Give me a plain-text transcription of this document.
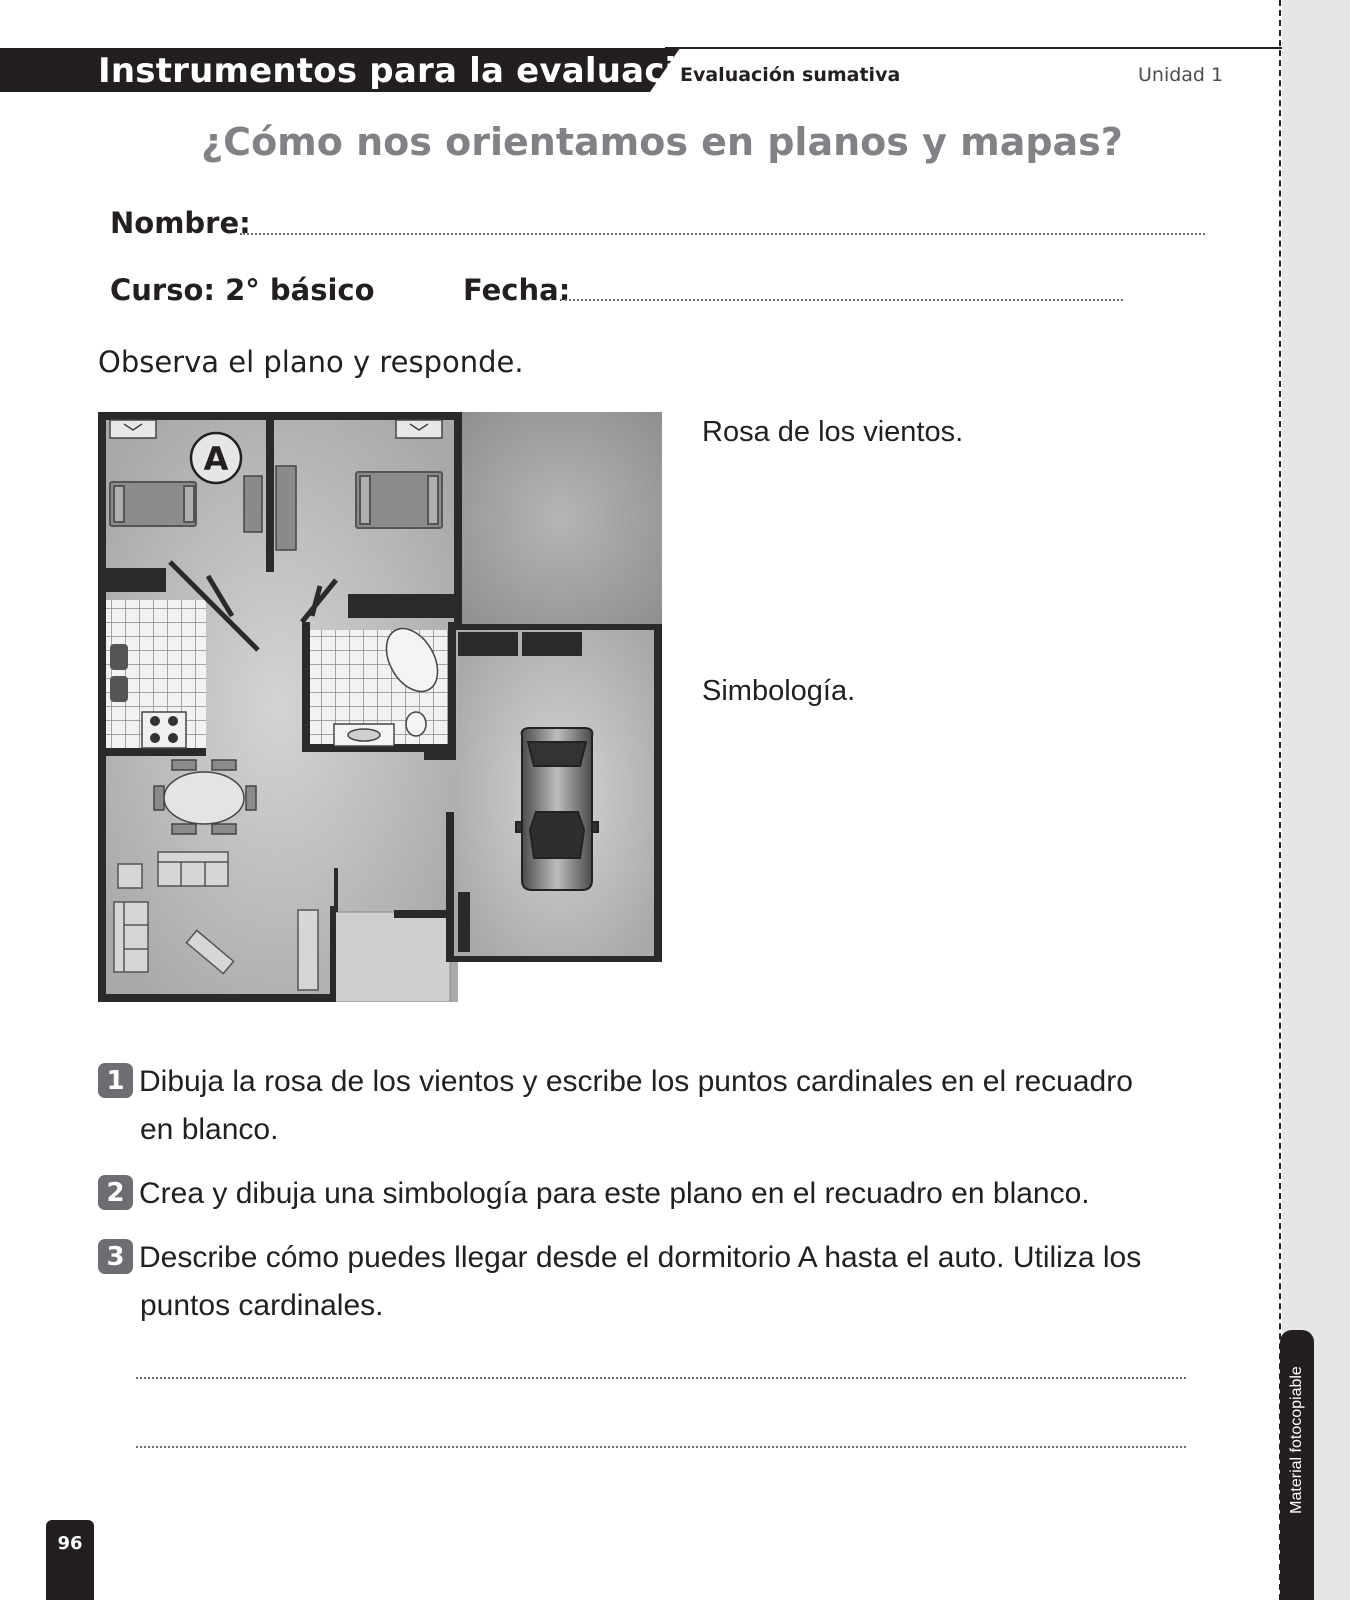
Instrumentos para la evaluación
Evaluación sumativa	Unidad 1
Material fotocopiable
96
¿Cómo nos orientamos en planos y mapas?
Nombre:
Curso: 2° básico	Fecha:
Observa el plano y responde.
A
Rosa de los vientos.
Simbología.
1 Dibuja la rosa de los vientos y escribe los puntos cardinales en el recuadro
en blanco.
2 Crea y dibuja una simbología para este plano en el recuadro en blanco.
3 Describe cómo puedes llegar desde el dormitorio A hasta el auto. Utiliza los
puntos cardinales.
